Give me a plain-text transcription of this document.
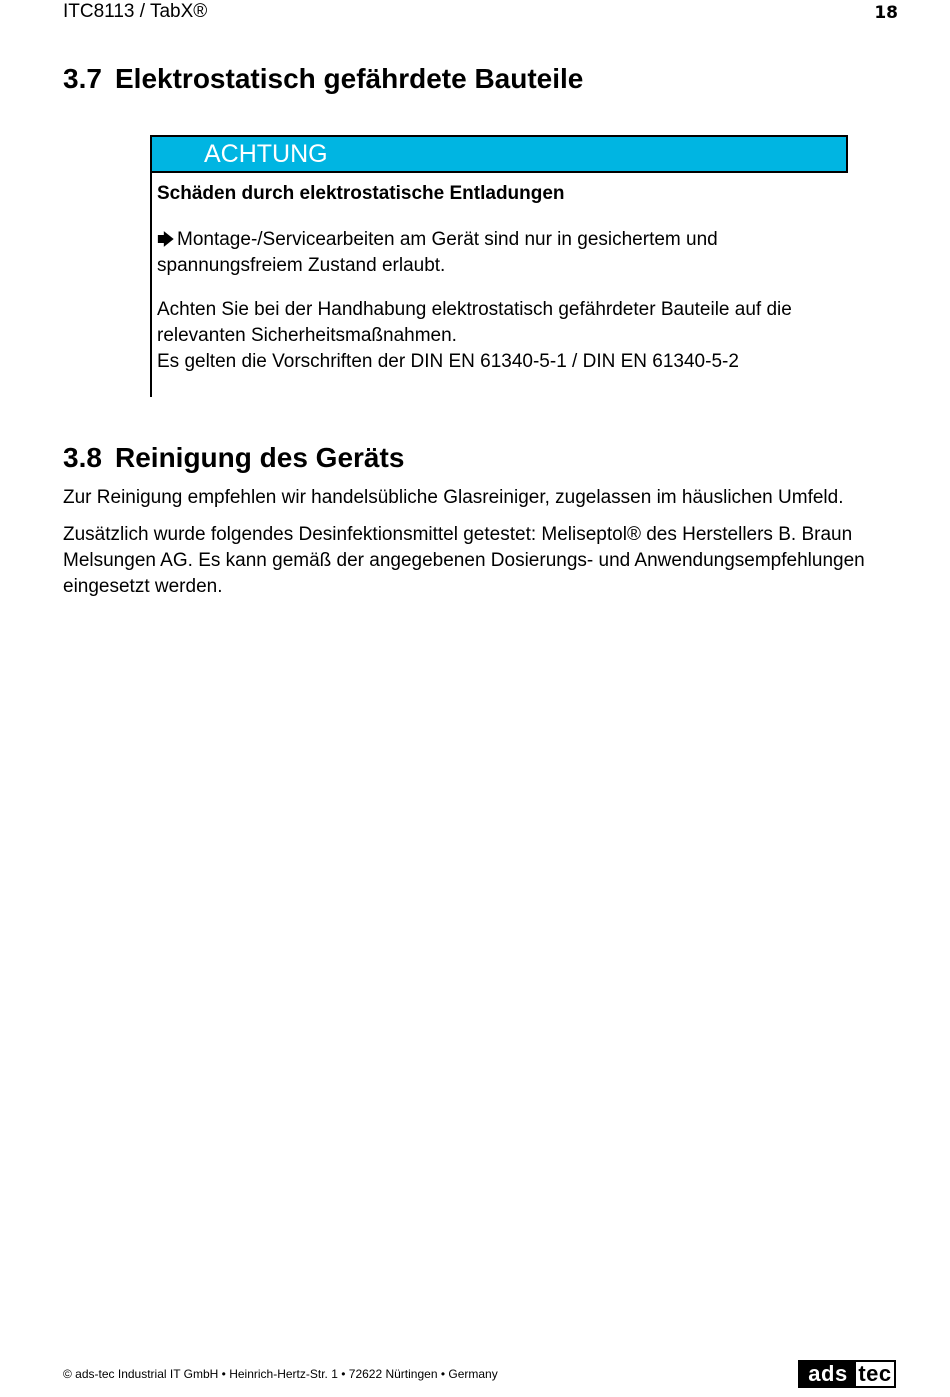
ITC8113 / TabX®	18
3.7 Elektrostatisch gefährdete Bauteile
ACHTUNG
Schäden durch elektrostatische Entladungen
🡆 Montage-/Servicearbeiten am Gerät sind nur in gesichertem und spannungsfreiem Zustand erlaubt.
Achten Sie bei der Handhabung elektrostatisch gefährdeter Bauteile auf die relevanten Sicherheitsmaßnahmen.
Es gelten die Vorschriften der DIN EN 61340-5-1 / DIN EN 61340-5-2
3.8 Reinigung des Geräts
Zur Reinigung empfehlen wir handelsübliche Glasreiniger, zugelassen im häuslichen Umfeld.
Zusätzlich wurde folgendes Desinfektionsmittel getestet: Meliseptol® des Herstellers B. Braun Melsungen AG. Es kann gemäß der angegebenen Dosierungs- und Anwendungsempfehlungen eingesetzt werden.
© ads-tec Industrial IT GmbH • Heinrich-Hertz-Str. 1 • 72622 Nürtingen • Germany	ads tec
